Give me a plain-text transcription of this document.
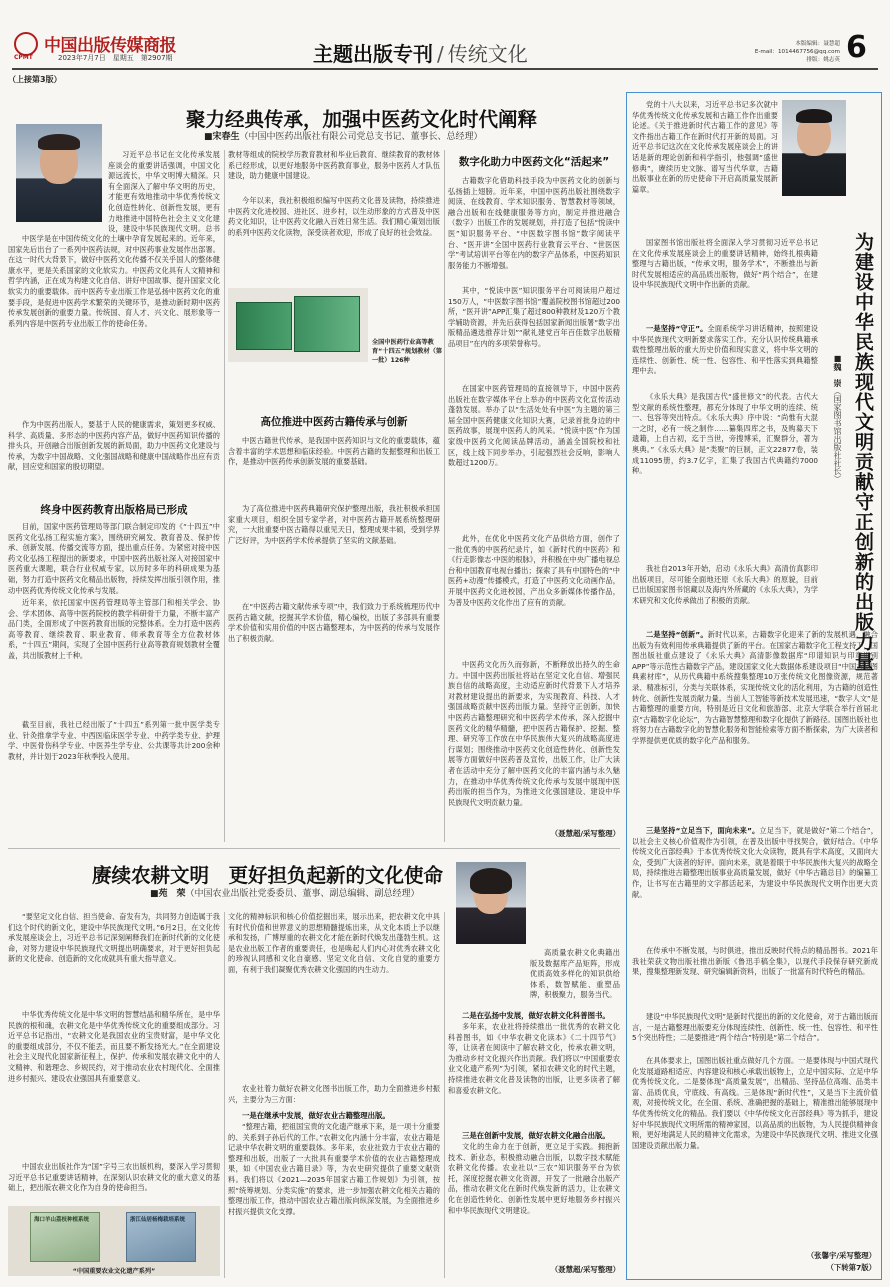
CPMT
中国出版传媒商报
2023年7月7日　星期五　第2907期	主题出版专刊 / 传统文化	本版编辑：聂慧超
E-mail：1014467756@qq.com
排版：姚志英 6
（上接第3版）
聚力经典传承，加强中医药文化时代阐释
■宋春生（中国中医药出版社有限公司党总支书记、董事长、总经理）
习近平总书记在文化传承发展座谈会的重要讲话强调，中国文化源远流长，中华文明博大精深。只有全面深入了解中华文明的历史，才能更有效地推动中华优秀传统文化创造性转化、创新性发展，更有力地推进中国特色社会主义文化建设，建设中华民族现代文明。总书
中医学是在中国传统文化的土壤中孕育发展起来的。近年来，国家先后出台了一系列中医药法规，对中医药事业发展作出部署。在这一时代大背景下，做好中医药文化传播不仅关乎国人的整体健康水平，更是关系国家的文化软实力。中医药文化具有人文精神和哲学内涵，正在成为构建文化自信、讲好中国故事、提升国家文化软实力的重要载体。而中医药专业出版工作是弘扬中医药文化的重要手段，是促进中医药学术繁荣的关键环节，是推动新时期中医药传承发展创新的重要力量。传统国、育人才、兴文化、展形象等一系列内容是中医药专业出版工作的使命任务。
作为中医药出版人，要基于人民的健康需求，策划更多权威、科学、高质量、多形态的中医药内容产品，做好中医药知识传播的排头兵，开创融合出版创新发展的新局面，助力中医药文化建设与传承，为数字中国战略、文化强国战略和健康中国战略作出应有贡献，回应党和国家的殷切期望。
终身中医药教育出版格局已形成
目前，国家中医药管理局等部门联合制定印发的《“十四五”中医药文化弘扬工程实施方案》，围绕研究阐发、教育普及、保护传承、创新发展、传播交流等方面，提出重点任务。为紧密对接中医药文化弘扬工程提出的新要求，中国中医药出版社深入对接国家中医药重大课题，联合行业权威专家，以历时多年的科研成果为基础，努力打造中医药文化精品出版物，持续发挥出版引领作用，推动中医药优秀传统文化传承与发展。
近年来，依托国家中医药管理局等主管部门和相关学会、协会、学术团体、高等中医药院校的教学科研骨干力量，不断丰富产品门类，全面形成了中医药教育出版的完整体系。全力打造中医药高等教育、继续教育、职业教育、师承教育等全方位教材体系，“十四五”期间，实现了全国中医药行业高等教育规划教材全覆盖，共出版教材上千种。
截至目前，我社已经出版了“十四五”系列第一批中医学类专业、针灸推拿学专业、中西医临床医学专业、中药学类专业、护理学、中医骨伤科学专业、中医养生学专业、公共课等共计200余种教材，并计划于2023年秋季投入使用。
教材等组成的院校学历教育教材和毕业后教育、继续教育的教材体系已经形成，以更好地服务中医药教育事业，服务中医药人才队伍建设，助力健康中国建设。
今年以来，我社积极组织编写中医药文化普及读物，持续推进中医药文化进校园、进社区、进乡村，以生动形象的方式普及中医药文化知识，让中医药文化融入百姓日常生活。我们精心策划出版的系列中医药文化读物，深受读者欢迎，形成了良好的社会效益。
全国中医药行业高等教育“十四五”规划教材（第一批）126种
高位推进中医药古籍传承与创新
中医古籍世代传承，是我国中医药知识与文化的重要载体，蕴含着丰富的学术思想和临床经验。中医药古籍的发掘整理和出版工作，是推动中医药传承创新发展的重要基础。
为了高位推进中医药典籍研究保护整理出版，我社积极承担国家重大项目，组织全国专家学者，对中医药古籍开展系统整理研究，一大批重要中医古籍得以重见天日，整理成果丰硕，受到学界广泛好评，为中医药学术传承提供了坚实的文献基础。
在“中医药古籍文献传承专项”中，我们致力于系统梳理历代中医药古籍文献，挖掘其学术价值，精心编校，出版了多部具有重要学术价值和实用价值的中医古籍整理本，为中医药的传承与发展作出了积极贡献。
数字化助力中医药文化“活起来”
古籍数字化借助科技手段为中医药文化的创新与弘扬插上翅膀。近年来，中国中医药出版社围绕数字阅读、在线教育、学术知识服务、智慧教材等领域，融合出版和在线健康服务等方向，制定并推进融合（数字）出版工作的发展规划，并打造了包括“悦读中医”知识服务平台、“中医数字图书馆”数字阅读平台、“医开讲”全国中医药行业教育云平台、“世医医学”考试培训平台等在内的数字产品体系，中医药知识服务能力不断增强。
其中，“悦读中医”知识服务平台可阅读用户超过150万人，“中医数字图书馆”覆盖院校图书馆超过200所，“医开讲”APP汇集了超过800种教材及120万个教学辅助资源，并先后获得包括国家新闻出版署“数字出版精品遴选推荐计划”“献礼建党百年百佳数字出版精品项目”在内的多项荣誉称号。
在国家中医药管理局的直接领导下，中国中医药出版社在数字媒体平台上举办的中医药文化宣传活动蓬勃发展。举办了以“生活处处有中医”为主题的第三届全国中医药健康文化知识大赛，记录首批身边的中医药故事，展现中医药人的风采。“悦读中医”作为国家级中医药文化阅读品牌活动，涵盖全国院校和社区，线上线下同步举办，引起强烈社会反响，影响人数超过1200万。
此外，在优化中医药文化产品供给方面，创作了一批优秀的中医药纪录片，如《新时代的中医药》和《行走影像志·中医的根脉》，并积极在中央广播电视总台和中国教育电视台播出；探索了具有中国特色的“中医药+动漫”传播模式，打造了中医药文化动画作品，开展中医药文化进校园，产出众多新媒体传播作品，为普及中医药文化作出了应有的贡献。
中医药文化历久而弥新，不断释放出持久的生命力。中国中医药出版社将站在坚定文化自信、增强民族自信的战略高度，主动适应新时代背景下人才培养对教材建设提出的新要求，为实现教育、科技、人才强国战略贡献中医药出版力量。坚持守正创新，加快中医药古籍整理研究和中医药学术传承，深入挖掘中医药文化的精华精髓，把中医药古籍保护、挖掘、整理、研究等工作放在中华民族伟大复兴的战略高度进行谋划；围绕推动中医药文化创造性转化、创新性发展等方面做好中医药普及宣传，出版工作，让广大读者在活动中充分了解中医药文化的丰富内涵与永久魅力，在推动中华优秀传统文化传承与发展中展现中医药出版的担当作为，为推进文化强国建设、建设中华民族现代文明贡献力量。
（聂慧超/采写整理）
赓续农耕文明　更好担负起新的文化使命
■苑　荣（中国农业出版社党委委员、董事、副总编辑、副总经理）
“要坚定文化自信、担当使命、奋发有为，共同努力创造属于我们这个时代的新文化，建设中华民族现代文明。”6月2日，在文化传承发展座谈会上，习近平总书记深刻阐释我们在新时代新的文化使命，对努力建设中华民族现代文明提出明确要求，对于更好担负起新的文化使命、创造新的文化成就具有重大指导意义。
中华优秀传统文化是中华文明的智慧结晶和精华所在，是中华民族的根和魂，农耕文化是中华优秀传统文化的重要组成部分。习近平总书记指出，“农耕文化是我国农业的宝贵财富，是中华文化的重要组成部分，不仅不能丢，而且要不断发扬光大。”在全面建设社会主义现代化国家新征程上，保护、传承和发展农耕文化中的人文精神、和谐理念、乡规民约，对于推动农业农村现代化、全面推进乡村振兴、建设农业强国具有重要意义。
中国农业出版社作为“国”字号三农出版机构，要深入学习贯彻习近平总书记重要讲话精神，在深刻认识农耕文化的重大意义的基础上，把出版农耕文化作为自身的使命担当。
海口羊山荔枝种植系统	浙江仙居杨梅栽培系统
“中国重要农业文化遗产系列”
文化的精神标识和核心价值挖掘出来，展示出来，把农耕文化中具有时代价值和世界意义的思想精髓提炼出来，从文化本质上予以继承和发扬，广博厚重的农耕文化才能在新时代焕发出蓬勃生机。这是农业出版工作者的重要责任，也是唤起人们内心对优秀农耕文化的珍视认同感和文化自豪感、坚定文化自信、文化自觉的重要方面，有利于我们凝聚优秀农耕文化强国的内生动力。
农业社着力做好农耕文化图书出版工作，助力全面推进乡村振兴，主要分为三方面：
一是在继承中发展，做好农业古籍整理出版。
“整理古籍，把祖国宝贵的文化遗产继承下来，是一项十分重要的、关系到子孙后代的工作。”农耕文化内涵十分丰富，农业古籍是记录中华农耕文明的重要载体。多年来，农业社致力于农业古籍的整理和出版，出版了一大批具有重要学术价值的农业古籍整理成果，如《中国农业古籍目录》等，为农史研究提供了重要文献资料。我们将以《2021—2035年国家古籍工作规划》为引领，按照“统筹规划、分类实施”的要求，进一步加强农耕文化相关古籍的整理出版工作，推动中国农业古籍出版向纵深发展，为全面推进乡村振兴提供文化支撑。
高质量农耕文化典籍出版及数据库产品矩阵，形成优质高效多样化的知识供给体系，数智赋能、重塑品牌，积极聚力，服务当代。
二是在弘扬中发展，做好农耕文化科普图书。
多年来，农业社将持续推出一批优秀的农耕文化科普图书，如《中华农耕文化读本》《二十四节气》等，让读者在阅读中了解农耕文化，传承农耕文明，为推动乡村文化振兴作出贡献。我们将以“中国重要农业文化遗产系列”为引领，紧扣农耕文化的时代主题，持续推进农耕文化普及读物的出版，让更多读者了解和喜爱农耕文化。
三是在创新中发展，做好农耕文化融合出版。
文化的生命力在于创新，更立足于实践。拥抱新技术、新业态，积极推动融合出版，以数字技术赋能农耕文化传播。农业社以“三农”知识服务平台为依托，深度挖掘农耕文化资源，开发了一批融合出版产品，推动农耕文化在新时代焕发新的活力，让农耕文化在创造性转化、创新性发展中更好地服务乡村振兴和中华民族现代文明建设。
（聂慧超/采写整理）
党的十八大以来，习近平总书记多次就中华优秀传统文化传承发展和古籍工作作出重要论述。《关于推进新时代古籍工作的意见》等文件指出古籍工作在新时代打开新的局面。习近平总书记这次在文化传承发展座谈会上的讲话是新的理论创新和科学指引，他强调“盛世修典”，赓续历史文脉、谱写当代华章，古籍出版事业在新的历史使命下开启高质量发展新篇章。
为建设中华民族现代文明贡献守正创新的出版力量
■魏　崇（国家图书馆出版社社长）
国家图书馆出版社将全面深入学习贯彻习近平总书记在文化传承发展座谈会上的重要讲话精神，始终扎根典籍整理与古籍出版，“传承文明，服务学术”，不断推出与新时代发展相适应的高品质出版物，做好“两个结合”，在建设中华民族现代文明中作出新的贡献。
一是坚持“守正”。全面系统学习讲话精神，按照建设中华民族现代文明新要求落实工作。充分认识传统典籍承载性整理出版的重大历史价值和现实意义，将中华文明的连续性、创新性、统一性、包容性、和平性落实到典籍整理中去。
《永乐大典》是我国古代“盛世修文”的代表。古代大型文献的系统性整理，都充分体现了中华文明的连续、统一、包容等突出特点。《永乐大典》序中说：“尚惟有大混一之时，必有一统之制作……纂集四库之书，及购募天下遗籍，上自古初，迄于当世，旁搜博采，汇聚群分，著为奥典。”《永乐大典》是“类聚”的巨制，正文22877卷，装成11095册，约3.7亿字，汇集了我国古代典籍约7000种。
我社自2013年开始，启动《永乐大典》高清仿真影印出版项目，尽可能全面地还原《永乐大典》的原貌，目前已出版国家图书馆藏以及海内外所藏的《永乐大典》，为学术研究和文化传承做出了积极的贡献。
二是坚持“创新”。新时代以来，古籍数字化迎来了新的发展机遇，融合出版为有效利用传承典籍提供了新的平台。在国家古籍数字化工程支持下，国图出版社重点建设了《永乐大典》高清影像数据库“印谱知识与印章识别APP”等示范性古籍数字产品，建设国家文化大数据体系建设项目“中国古籍图典素材库”，从历代典籍中系统搜集整理10万张传统文化图像资源，规范著录、精准标引，分类与关联体系，实现传统文化的活化利用，为古籍的创造性转化、创新性发展贡献力量。当前人工智能等新技术发展迅速，“数字人文”是古籍整理的重要方向，特别是近日文化和旅游部、北京大学联合举行首届北京“古籍数字化论坛”，为古籍智慧整理和数字化提供了新路径。国图出版社也将努力在古籍数字化的智慧化服务和智能检索等方面不断探索，为广大读者和学界提供更优质的数字化产品和服务。
三是坚持“立足当下，面向未来”。立足当下，就是做好“第二个结合”，以社会主义核心价值观作为引领，在普及出版中寻找契合，做好结合。《中华传统文化百部经典》于本优秀传统文化大众读物，既具有学术高度，又面向大众，受到广大读者的好评。面向未来，就是着眼于中华民族伟大复兴的战略全局，持续推进古籍整理出版事业高质量发展，做好《中华古籍总目》的编纂工作，让书写在古籍里的文字都活起来，为建设中华民族现代文明作出更大贡献。
在传承中不断发展，与时俱进，推出反映时代特点的精品图书。2021年我社荣获文物出版社推出新版《鲁迅手稿全集》，以现代手段保存研究新成果，搜集整理新发现、研究编辑新资料，出版了一批富有时代特色的精品。
建设“中华民族现代文明”是新时代提出的新的文化使命，对于古籍出版而言，一是古籍整理出版要充分体现连续性、创新性、统一性、包容性、和平性5个突出特性；二是要推进“两个结合”特别是“第二个结合”。
在具体要求上，国图出版社重点做好几个方面。一是要体现与中国式现代化发展道路相适应、内容建设和核心承载出版物上，立足中国实际、立足中华优秀传统文化。二是要体现“高质量发展”，出精品、坚持品位高端、品类丰富、品质优良，守底线、有高线。三是体现“新时代性”，又是当下主流价值观，对接传统文化，在全面、系统、准确把握的基础上，精准推出能够展现中华优秀传统文化的精品。我们要以《中华传统文化百部经典》等为抓手，建设好中华民族现代文明所需的精神家园，以高品质的出版物，为人民提供精神食粮，更好地满足人民的精神文化需求，为建设中华民族现代文明、推进文化强国建设贡献出版力量。
（张馨宇/采写整理）
（下转第7版）
